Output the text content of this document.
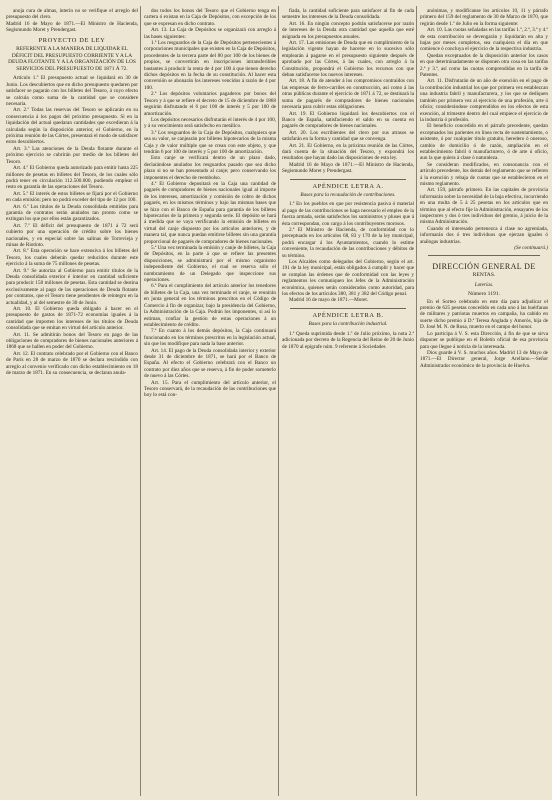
anoja cura de almas, interin no se verifique el arreglo del presupuesto del clero.

Madrid 16 de Mayo de 1871.—El Ministro de Hacienda, Segismundo Moret y Prendergast.

PROYECTO DE LEY
REFERENTE A LA MANERA DE LIQUIDAR EL DÉFICIT DEL PRESUPUESTO CORRIENTE Y A LA DEUDA FLOTANTE Y A LA ORGANIZACIÓN DE LOS SERVICIOS DEL PRESUPUESTO DE 1871 Á 72.

Artículo 1.º El presupuesto actual se liquidará en 30 de Junio. Los descubiertos que en dicho presupuesto quedaren por satisfacer se pagarán con los billetes del Tesoro, á cuyo efecto se calcula como suma de la cantidad que se considere necesaria.

Art. 2.º Todas las reservas del Tesoro se aplicarán en su consecuencia á los pagos del próximo presupuesto. Si en la liquidación del actual quedaran cantidades que excedieran á la calculada según la disposición anterior, el Gobierno, en la próxima reunión de las Córtes, presentará el modo de satisfacer estos descubiertos.

Art. 3.º Las atenciones de la Deuda flotante durante el próximo ejercicio se cubrirán por medio de los billetes del Tesoro.

Art. 4.º El Gobierno queda autorizado para emitir hasta 225 millones de pesetas en billetes del Tesoro, de los cuales sólo podrá tener en circulación 112.500.000, pudiendo emplear el resto en garantía de las operaciones del Tesoro.

Art. 5.º El interés de estos billetes se fijará por el Gobierno en cada emisión; pero no podrá exceder del tipo de 12 por 100.

Art. 6.º Los títulos de la Deuda consolidada emitidos para garantía de contratos serán anulados tan pronto como se extingan los que por ellos están garantizados.

Art. 7.º El déficit del presupuesto de 1871 á 72 será cubierto por una operación de crédito sobre los bienes nacionales, y en especial sobre las salinas de Torrevieja y minas de Riotinto.

Art. 8.º Esta operación se hace extensiva á los billetes del Tesoro, los cuales deberán quedar reducidos durante este ejercicio á la suma de 75 millones de pesetas.

Art. 9.º Se autoriza al Gobierno para emitir títulos de la Deuda consolidada exterior é interior en cantidad suficiente para producir 150 millones de pesetas. Esta cantidad se destina exclusivamente al pago de las operaciones de Deuda flotante por contratos, que el Tesoro tiene pendientes de reintegro en la actualidad, y al del semestre de 30 de Junio.

Art. 10. El Gobierno queda obligado á hacer en el presupuesto de gastos de 1871-72 economías iguales á la cantidad que importen los intereses de los títulos de Deuda consolidada que se emitan en virtud del artículo anterior.

Art. 11. Se admitirán bonos del Tesoro en pago de las obligaciones de compradores de bienes nacionales anteriores á 1868 que se hallen en poder del Gobierno.

Art. 12. El contrato celebrado por el Gobierno con el Banco de París en 28 de marzo de 1870 se declara rescindido con arreglo al convenio verificado con dicho establecimiento en 18 de marzo de 1871. En su consecuencia, se declaran anula-

dos todos los bonos del Tesoro que el Gobierno tenga en cartera ó existan en la Caja de Depósitos, con excepción de los que se expresan en dicho contrato.

Art. 13. La Caja de Depósitos se organizará con arreglo á las bases siguientes:

1.ª Los resguardos de la Caja de Depósitos pertenecientes á corporaciones municipales que existen en la Caja de Depósitos, procedentes de la tercera parte del 80 por 100 de los bienes de propios, se convertirán en inscripciones intransferibles bastantes á producir la renta de 4 por 100 á que tienen derecho dichos depósitos en la fecha de su constitución. Al hacer esta conversión se abonarán los intereses vencidos á razón de 4 por 100.

2.ª Los depósitos voluntarios pagaderos por bonos del Tesoro y á que se refiere el decreto de 15 de diciembre de 1868 seguirán disfrutando el 6 por 100 de interés y 5 por 100 de amortización.

Los depósitos necesarios disfrutarán el interés de 4 por 100, y á su vencimiento será satisfecho en metálico.

3.ª Los resguardos de la Caja de Depósitos, cualquiera que sea su valor, se canjearán por billetes hipotecarios de la misma Caja y de valor múltiple que se crean con este objeto, y que tendrán 6 por 100 de interés y 5 por 100 de amortización.

Esto canje se verificará dentro de un plazo dado, declarándose anulados los resguardos pasado que sea dicho plazo si no se han presentado al canje; pero conservando los imponentes el derecho de reembolso.

4.ª El Gobierno depositará en la Caja una cantidad de pagarés de compradores de bienes nacionales igual al importe de los intereses, amortización y comisión de cobro de dichos pagarés, en los mismos términos y bajo las mismas bases que se hizo con el Banco de España para garantía de los billetes hipotecarios de la primera y segunda serie. El depósito se hará á medida que se vaya verificando la emisión de billetes en virtud del canje dispuesto por los artículos anteriores, y de manera tal, que nunca puedan emitirse billetes sin una garantía proporcional de pagarés de compradores de bienes nacionales.

5.ª Una vez terminada la emisión y canje de billetes, la Caja de Depósitos, en la parte á que se refiere las presentes disposiciones, se administrará por el mismo organismo independiente del Gobierno, el cual se reserva sólo el nombramiento de un Delegado que inspeccione sus operaciones.

6.ª Para el cumplimiento del artículo anterior los tenedores de billetes de la Caja, una vez terminado el canje, se reunirán en junta general en los términos prescritos en el Código de Comercio á fin de organizar, bajo la presidencia del Gobierno, la Administración de la Caja. Podrán los imponentes, si así lo estiman, confiar la gestión de estas operaciones á un establecimiento de crédito.

7.ª En cuanto á los demás depósitos, la Caja continuará funcionando en los términos prescritos en la legislación actual, sin que los modifique para nada la base anterior.

Art. 14. El pago de la Deuda consolidada interior y exterior desde 31 de diciembre de 1871, se hará por el Banco de España. Al efecto el Gobierno celebrará con el Banco un contrato por diez años que se reserva, á fin de poder someterlo de nuevo á las Córtes.

Art. 15. Para el cumplimiento del artículo anterior, el Tesoro conservará, de la recaudación de las contribuciones que hoy lo está con-

fiada, la cantidad suficiente para satisfacer al fin de cada semestre los intereses de la Deuda consolidada.

Art. 16. En ningún concepto podrán satisfacerse por razón de intereses de la Deuda otra cantidad que aquella que esté asignada en los presupuestos anuales.

Art. 17. Las emisiones de Deuda que en cumplimiento de la legislación vigente hayan de hacerse en lo sucesivo sólo emplearán á pagarse en el presupuesto siguiente después de aprobado por las Córtes, á las cuales, con arreglo á la Constitución, propondrá el Gobierno los recursos con que deban satisfacerse los nuevos intereses.

Art. 18. A fin de atender á los compromisos contraídos con las empresas de ferro-carriles en construcción, así como á las otras públicas durante el ejercicio de 1871 á 72, se destinará la suma de pagarés de compradores de bienes nacionales necesaria para cubrir estas obligaciones.

Art. 19. El Gobierno liquidará los descubiertos con el Banco de España, satisfaciendo el saldo en su cuenta en pagarés de compradores de bienes nacionales.

Art. 20. Los escribientes del clero por sus atrasos se satisfarán en la forma y cantidad que se convenga.

Art. 21. El Gobierno, en la próxima reunión de las Córtes, dará cuenta de la situación del Tesoro, y expondrá los resultados que hayan dado las disposiciones de esta ley.

Madrid 16 de Mayo de 1871.—El Ministro de Hacienda, Segismundo Moret y Prendergast.

APÉNDICE LETRA A.
Bases para la recaudación de contribuciones.

1.ª En los pueblos en que por resistencia pasiva ó material al pago de las contribuciones se haga necesario el empleo de la fuerza armada, serán satisfechos los suministros y pluses que á ésta correspondan, con cargo á los contribuyentes morosos.

2.ª El Ministro de Hacienda, de conformidad con lo preceptuado en los artículos 68, 83 y 170 de la ley municipal, podrá encargar á los Ayuntamientos, cuando lo estime conveniente, la recaudación de las contribuciones y débitos de su término.

Los Alcaldes como delegados del Gobierno, según el art. 191 de la ley municipal, están obligados á cumplir y hacer que se cumplan las órdenes que de conformidad con las leyes y reglamentos les comuniquen los Jefes de la Administración económica, quienes serán considerados como autoridad, para los efectos de los artículos 380, 381 y 382 del Código penal.

Madrid 16 de mayo de 1871.—Moret.

APÉNDICE LETRA B.
Bases para la contribución industrial.

1.ª Queda suprimida desde 1.º de Julio próximo, la nota 2.ª adicionada por decreto de la Regencia del Reino de 20 de Junio de 1870 al epígrafe núm. 9 referente á Sociedades

anónimas, y modifícanse los artículos 10, 11 y párrafo primero del 159 del reglamento de 30 de Marzo de 1870, que regirán desde 1.º de Julio en la forma siguiente:

Art. 10. Las cuotas señaladas en las tarifas 1.ª, 2.ª, 3.ª y 4.ª de esta contribución se devengarán y liquidarán en alta y bajas por meses completos, sea cualquiera el día en que comience ó concluya el ejercicio de la respectiva industria.

Quedan exceptuados de la disposición anterior los casos en que determinadamente se disponen otra cosa en las tarifas 2.ª y 3.ª, así como las cuotas comprendidas en la tarifa de Patentes.

Art. 11. Disfrutarán de un año de exención en el pago de la contribución industrial los que por primera vez establezcan una industria fabril y manufacturera, y los que se dediquen también por primera vez al ejercicio de una profesión, arte ú oficio; considerándose comprendidos en los efectos de esta exención, al trimestre dentro del cual empiece el ejercicio de la industria ó profesión.

El beneficio concedido en el párrafo precedente, quedan exceptuados los parientes en línea recta de sustentamiento, o asistente, ó por cualquier título gratuito, heredero ó oneroso, cambio de domicilio ó de razón, ampliación en el establecimiento fabril ó manufacturero, ó de arte ú oficio, aun la que quiera á clase ó naturaleza.

Se consideran modificados, en consonancia con el artículo precedente, los demás del reglamento que se refieren á la exención y rebaja de cuotas que se establecieron en el mismo reglamento.

Art. 159, párrafo primero. En las capitales de provincia informarán sobre la necesidad de la baja efectiva, incurriendo en una multa de 5 á 25 pesetas en los artículos que en término que al efecto fije la Administración, ensayares de los inspectores y dos ó tres individuos del gremio, á juicio de la misma Administración.

Cuando el interesado pertenezca á clase no agremiada, informarán dos ó tres individuos que ejerzan iguales ó análogas industrias.

(Se continuará.)

DIRECCIÓN GENERAL DE
RENTAS.
Loterías.
Número 1191.

En el Sorteo celebrado en este día para adjudicar el premio de 625 pesetas concedido en cada uno á las huérfanas de militares y patriotas muertos en campaña, ha cabido en suerte dicho premio á D.ª Teresa Anglada y Amorós, hija de D. José M. N. de Rosa, muerto en el campo del honor.

Lo participa á V. S. esta Dirección, á fin de que se sirva disponer se publique en el Boletín oficial de esa provincia para que llegue á noticia de la interesada.

Dios guarde á V. S. muchos años. Madrid 13 de Mayo de 1871.—El Director general, Jorge Arellano.—Señor Administrador económico de la provincia de Huelva.
